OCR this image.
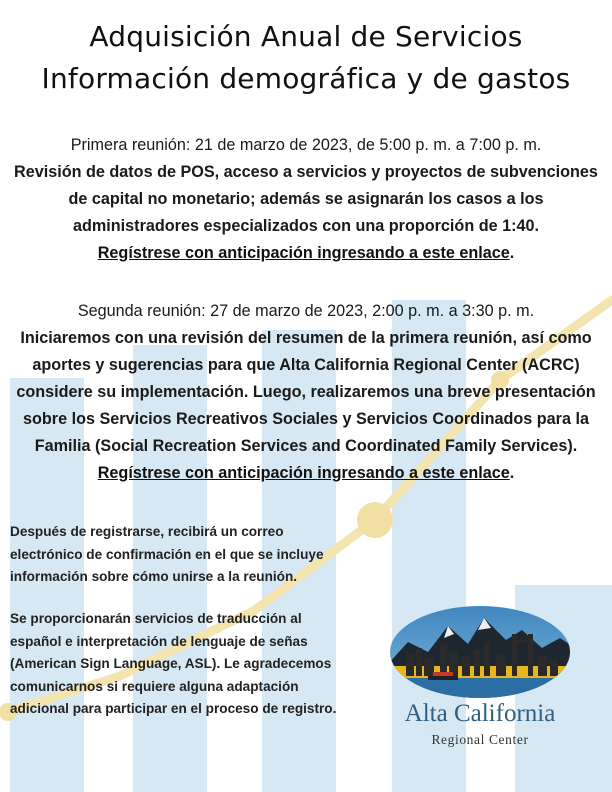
Adquisición Anual de Servicios
Información demográfica y de gastos
Primera reunión: 21 de marzo de 2023, de 5:00 p. m. a 7:00 p. m.
Revisión de datos de POS, acceso a servicios y proyectos de subvenciones de capital no monetario; además se asignarán los casos a los administradores especializados con una proporción de 1:40.
Regístrese con anticipación ingresando a este enlace.
Segunda reunión: 27 de marzo de 2023, 2:00 p. m. a 3:30 p. m.
Iniciaremos con una revisión del resumen de la primera reunión, así como aportes y sugerencias para que Alta California Regional Center (ACRC) considere su implementación. Luego, realizaremos una breve presentación sobre los Servicios Recreativos Sociales y Servicios Coordinados para la Familia (Social Recreation Services and Coordinated Family Services).
Regístrese con anticipación ingresando a este enlace.
Después de registrarse, recibirá un correo electrónico de confirmación en el que se incluye información sobre cómo unirse a la reunión.
Se proporcionarán servicios de traducción al español e interpretación de lenguaje de señas (American Sign Language, ASL). Le agradecemos comunicarnos si requiere alguna adaptación adicional para participar en el proceso de registro.	Alta California
Regional Center
